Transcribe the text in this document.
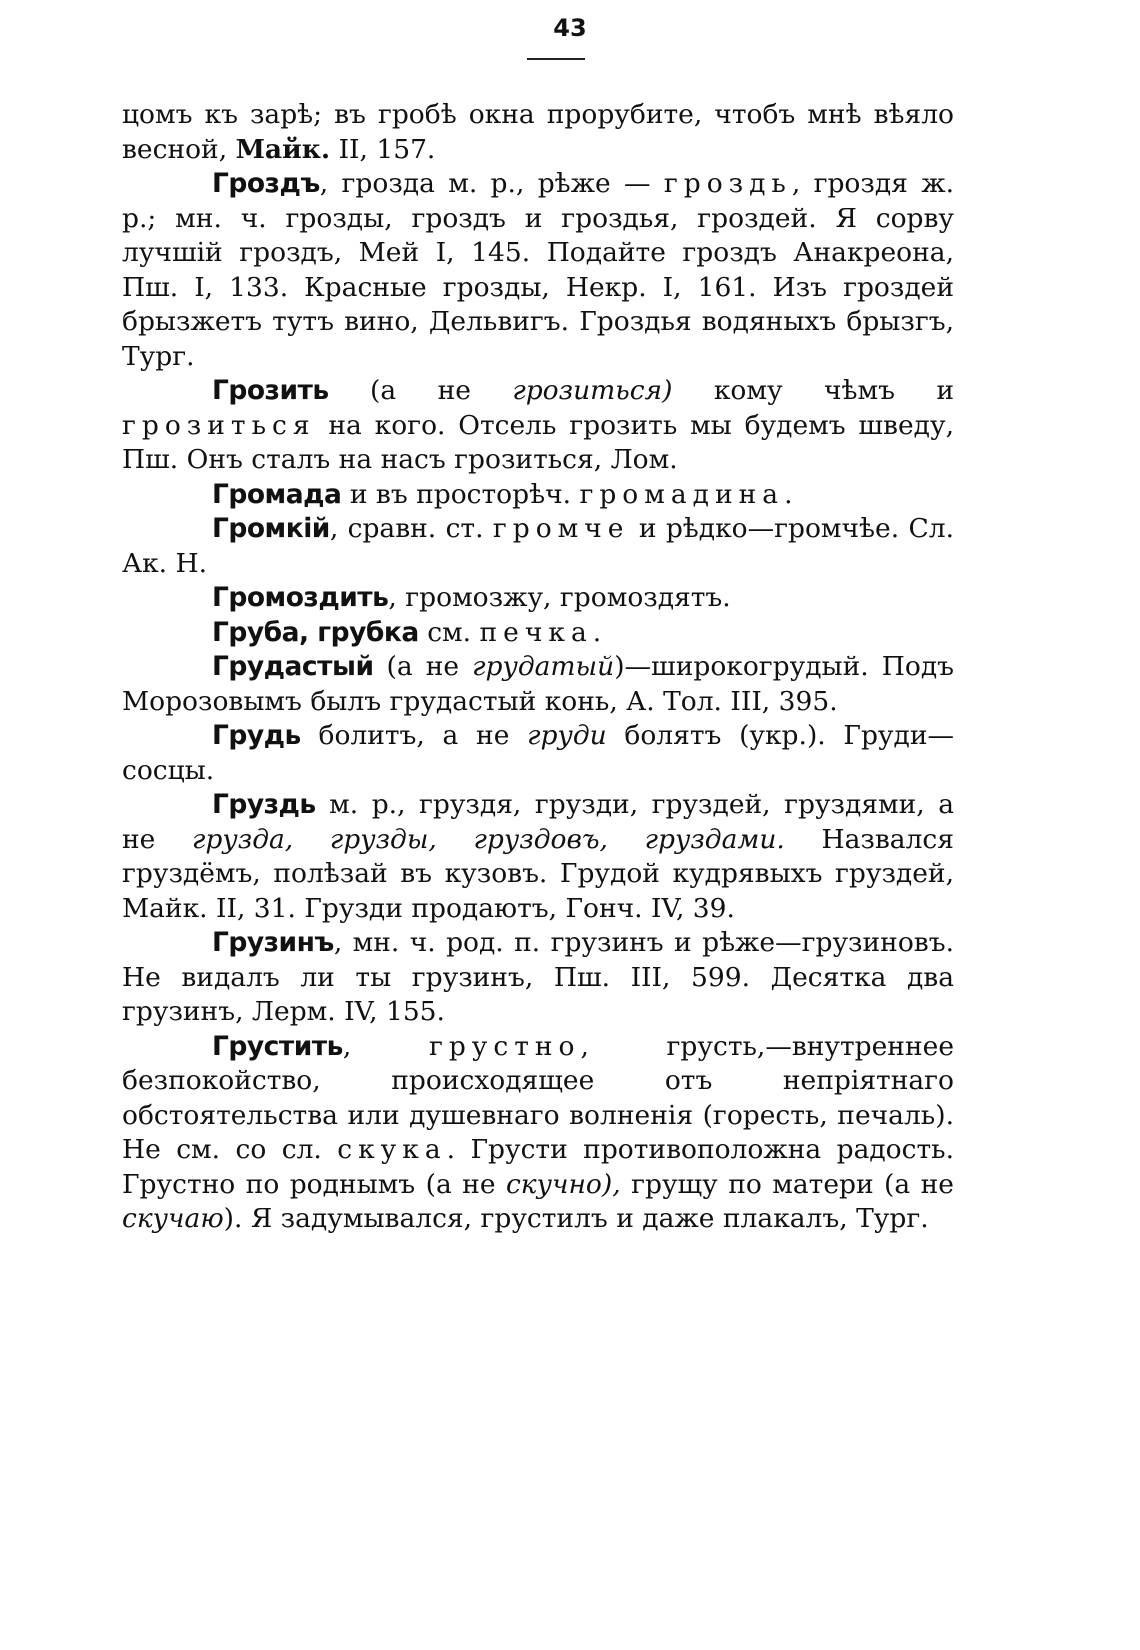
43

цомъ къ зарѣ; въ гробѣ окна прорубите, чтобъ мнѣ вѣяло весной, Майк. II, 157.

Гроздъ, грозда м. р., рѣже — гроздь, гроздя ж. р.; мн. ч. грозды, гроздъ и гроздья, гроздей. Я сорву лучшій гроздъ, Мей I, 145. Подайте гроздъ Анакреона, Пш. I, 133. Красные грозды, Некр. I, 161. Изъ гроздей брызжетъ тутъ вино, Дельвигъ. Гроздья водяныхъ брызгъ, Тург.

Грозить (а не грозиться) кому чѣмъ и грозиться на кого. Отсель грозить мы будемъ шведу, Пш. Онъ сталъ на насъ грозиться, Лом.

Громада и въ просторѣч. громадина.

Громкій, сравн. ст. громче и рѣдко—громчѣе. Сл. Ак. Н.

Громоздить, громозжу, громоздятъ.

Груба, грубка см. печка.

Грудастый (а не грудатый)—широкогрудый. Подъ Морозовымъ былъ грудастый конь, А. Тол. III, 395.

Грудь болитъ, а не груди болятъ (укр.). Груди—сосцы.

Груздь м. р., груздя, грузди, груздей, груздями, а не грузда, грузды, груздовъ, груздами. Назвался груздёмъ, полѣзай въ кузовъ. Грудой кудрявыхъ груздей, Майк. II, 31. Грузди продаютъ, Гонч. IV, 39.

Грузинъ, мн. ч. род. п. грузинъ и рѣже—грузиновъ. Не видалъ ли ты грузинъ, Пш. III, 599. Десятка два грузинъ, Лерм. IV, 155.

Грустить, грустно, грусть,—внутреннее безпокойство, происходящее отъ непріятнаго обстоятельства или душевнаго волненія (горесть, печаль). Не см. со сл. скука. Грусти противоположна радость. Грустно по роднымъ (а не скучно), грущу по матери (а не скучаю). Я задумывался, грустилъ и даже плакалъ, Тург.
